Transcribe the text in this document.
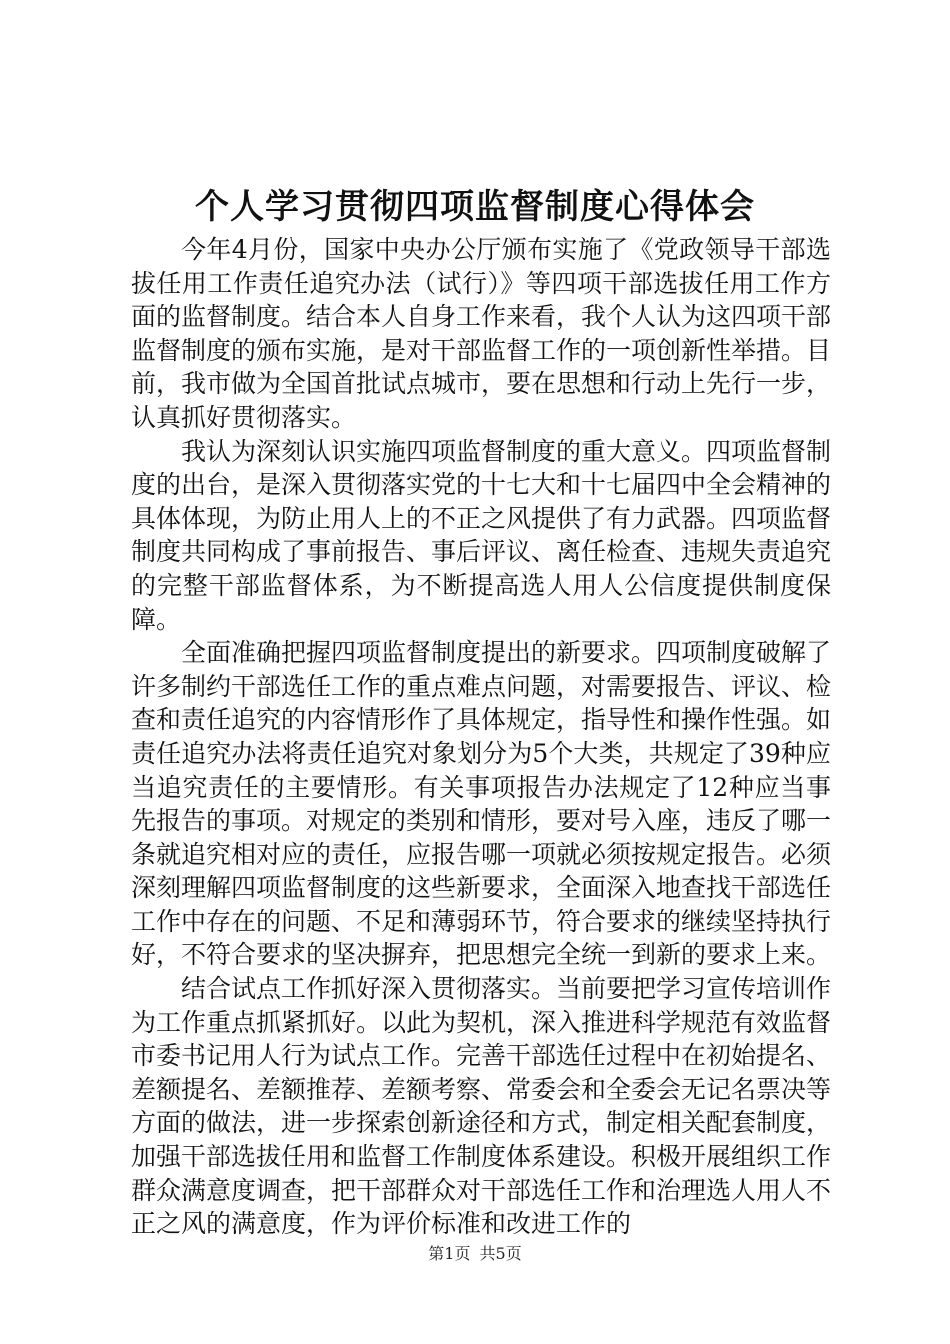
个人学习贯彻四项监督制度心得体会

今年4月份，国家中央办公厅颁布实施了《党政领导干部选拔任用工作责任追究办法（试行）》等四项干部选拔任用工作方面的监督制度。结合本人自身工作来看，我个人认为这四项干部监督制度的颁布实施，是对干部监督工作的一项创新性举措。目前，我市做为全国首批试点城市，要在思想和行动上先行一步，认真抓好贯彻落实。

我认为深刻认识实施四项监督制度的重大意义。四项监督制度的出台，是深入贯彻落实党的十七大和十七届四中全会精神的具体体现，为防止用人上的不正之风提供了有力武器。四项监督制度共同构成了事前报告、事后评议、离任检查、违规失责追究的完整干部监督体系，为不断提高选人用人公信度提供制度保障。

全面准确把握四项监督制度提出的新要求。四项制度破解了许多制约干部选任工作的重点难点问题，对需要报告、评议、检查和责任追究的内容情形作了具体规定，指导性和操作性强。如责任追究办法将责任追究对象划分为5个大类，共规定了39种应当追究责任的主要情形。有关事项报告办法规定了12种应当事先报告的事项。对规定的类别和情形，要对号入座，违反了哪一条就追究相对应的责任，应报告哪一项就必须按规定报告。必须深刻理解四项监督制度的这些新要求，全面深入地查找干部选任工作中存在的问题、不足和薄弱环节，符合要求的继续坚持执行好，不符合要求的坚决摒弃，把思想完全统一到新的要求上来。

结合试点工作抓好深入贯彻落实。当前要把学习宣传培训作为工作重点抓紧抓好。以此为契机，深入推进科学规范有效监督市委书记用人行为试点工作。完善干部选任过程中在初始提名、差额提名、差额推荐、差额考察、常委会和全委会无记名票决等方面的做法，进一步探索创新途径和方式，制定相关配套制度，加强干部选拔任用和监督工作制度体系建设。积极开展组织工作群众满意度调查，把干部群众对干部选任工作和治理选人用人不正之风的满意度，作为评价标准和改进工作的

第1页 共5页
